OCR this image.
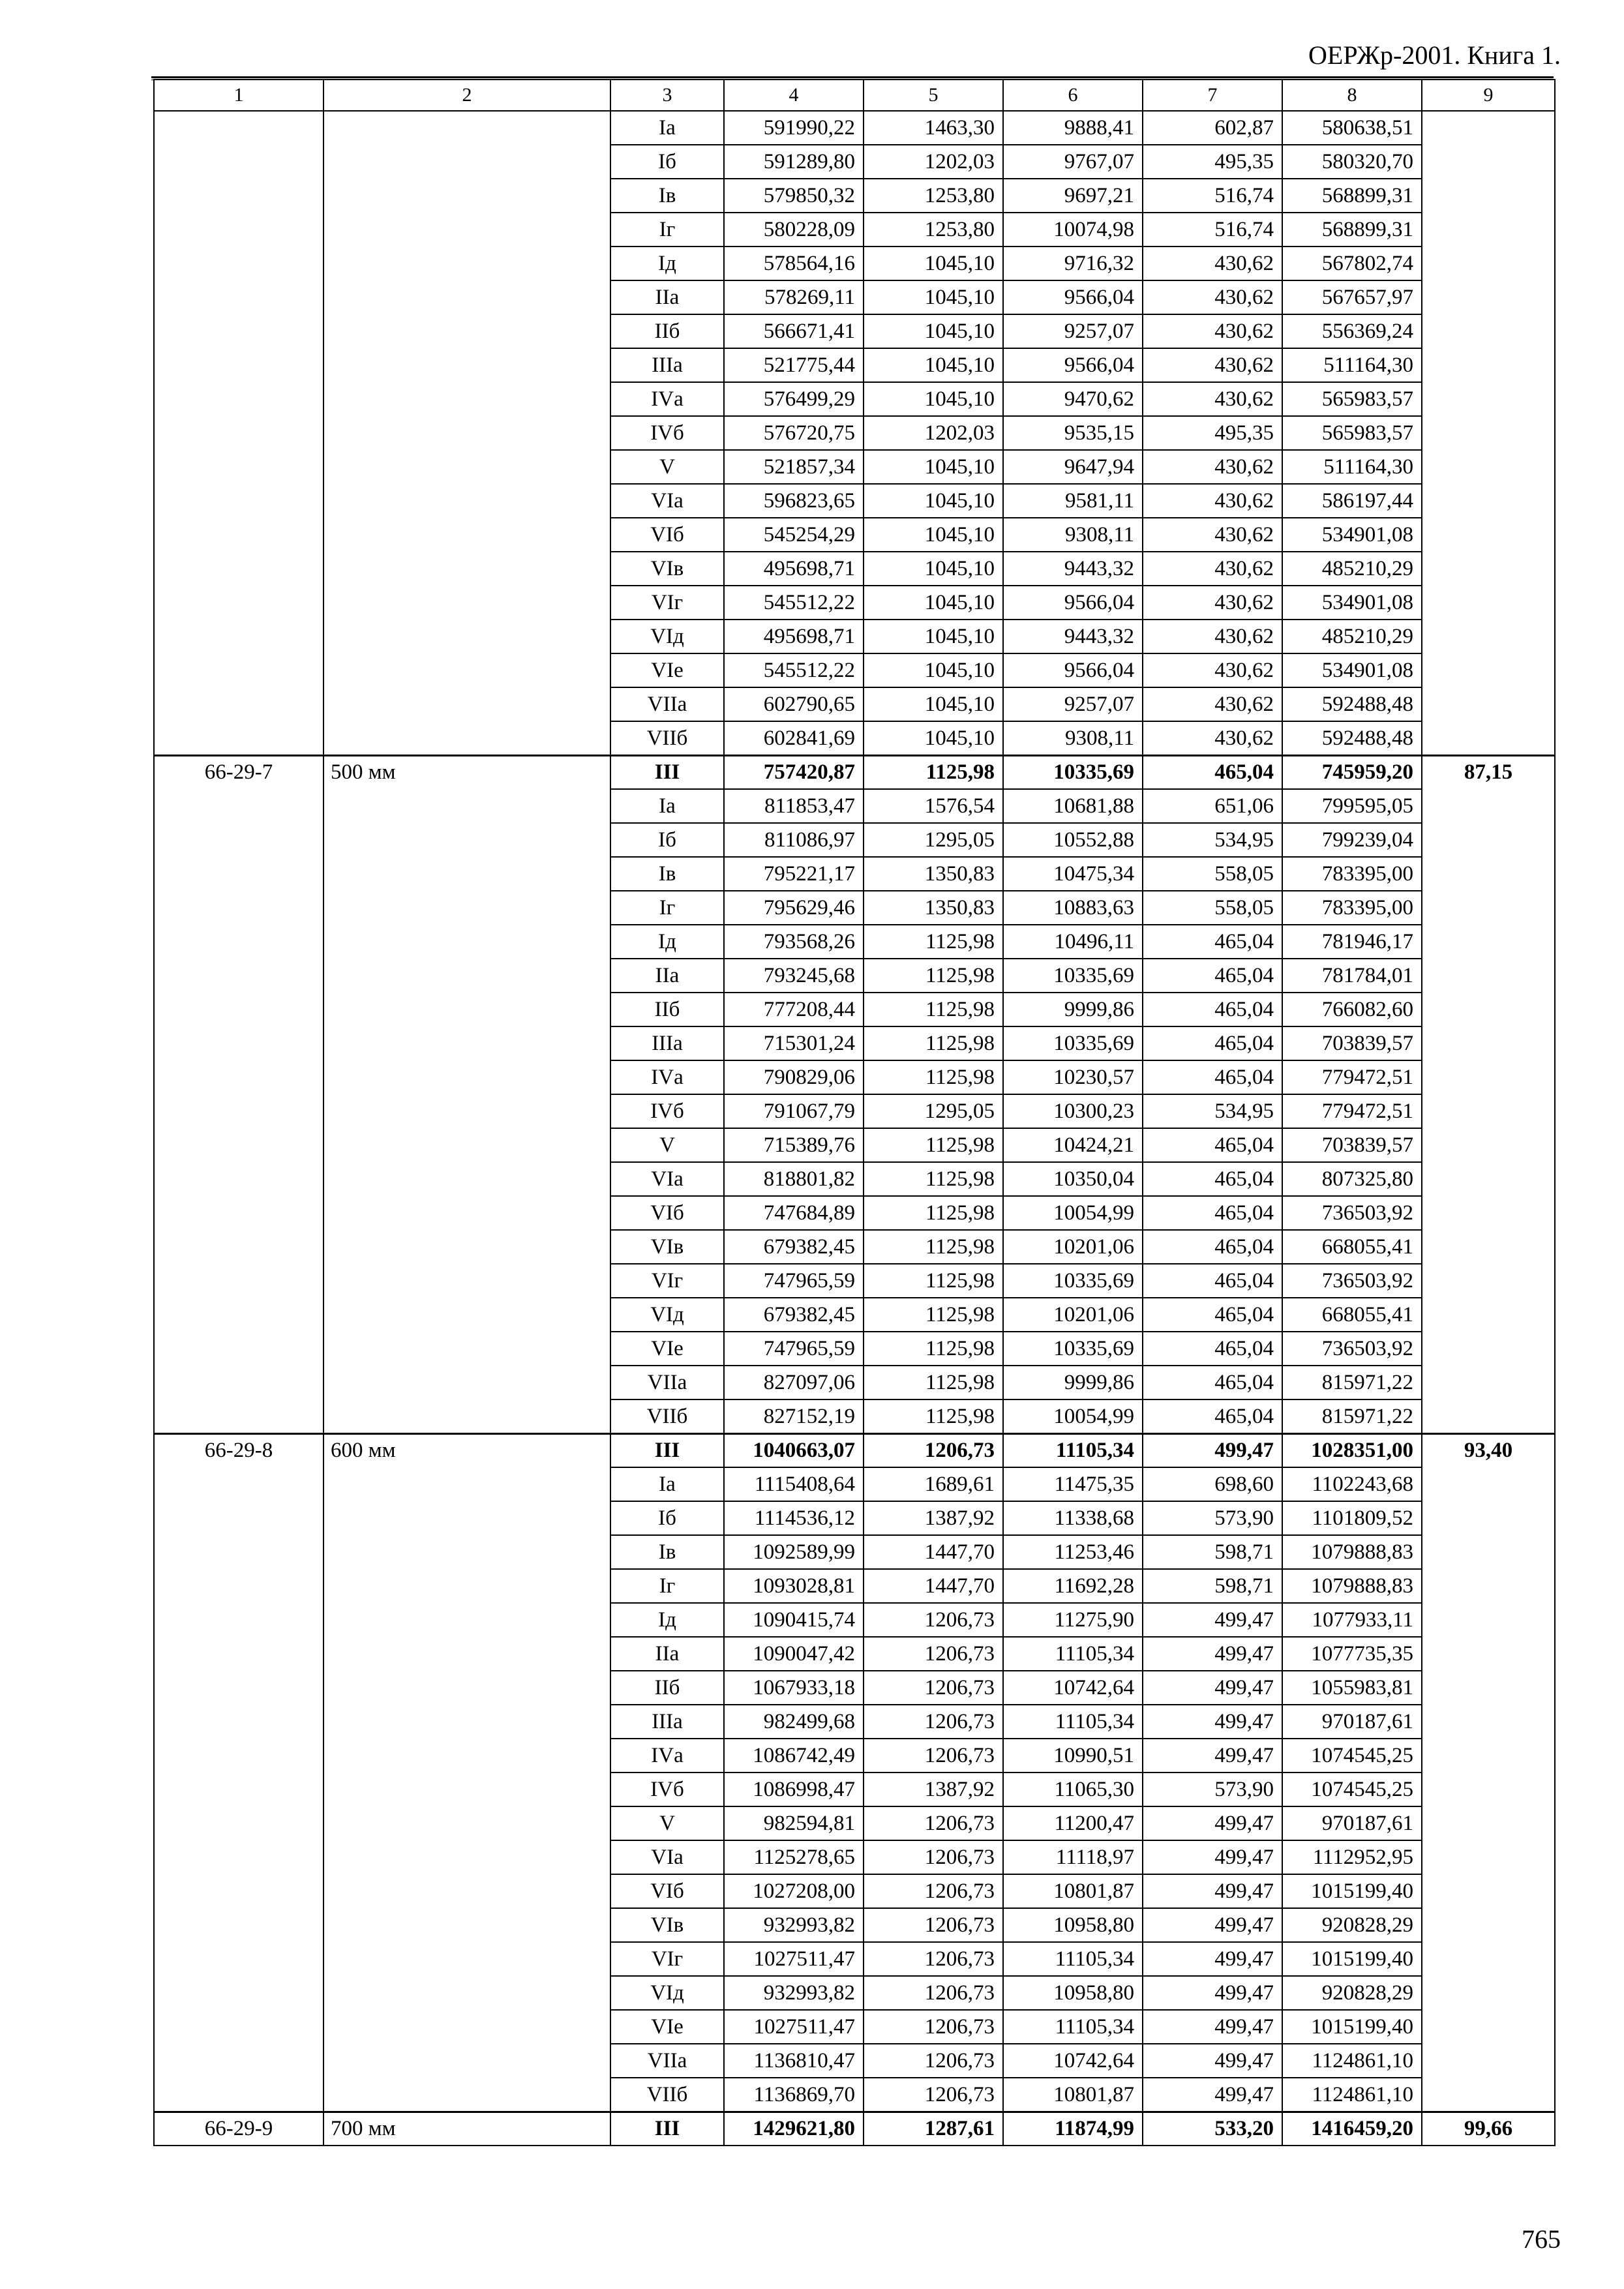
ОЕРЖр-2001. Книга 1.
1	2	3	4	5	6	7	8	9
		Iа	591990,22	1463,30	9888,41	602,87	580638,51	
		Iб	591289,80	1202,03	9767,07	495,35	580320,70	
		Iв	579850,32	1253,80	9697,21	516,74	568899,31	
		Iг	580228,09	1253,80	10074,98	516,74	568899,31	
		Iд	578564,16	1045,10	9716,32	430,62	567802,74	
		IIа	578269,11	1045,10	9566,04	430,62	567657,97	
		IIб	566671,41	1045,10	9257,07	430,62	556369,24	
		IIIа	521775,44	1045,10	9566,04	430,62	511164,30	
		IVа	576499,29	1045,10	9470,62	430,62	565983,57	
		IVб	576720,75	1202,03	9535,15	495,35	565983,57	
		V	521857,34	1045,10	9647,94	430,62	511164,30	
		VIа	596823,65	1045,10	9581,11	430,62	586197,44	
		VIб	545254,29	1045,10	9308,11	430,62	534901,08	
		VIв	495698,71	1045,10	9443,32	430,62	485210,29	
		VIг	545512,22	1045,10	9566,04	430,62	534901,08	
		VIд	495698,71	1045,10	9443,32	430,62	485210,29	
		VIе	545512,22	1045,10	9566,04	430,62	534901,08	
		VIIа	602790,65	1045,10	9257,07	430,62	592488,48	
		VIIб	602841,69	1045,10	9308,11	430,62	592488,48	
66-29-7	500 мм	III	757420,87	1125,98	10335,69	465,04	745959,20	87,15
		Iа	811853,47	1576,54	10681,88	651,06	799595,05	
		Iб	811086,97	1295,05	10552,88	534,95	799239,04	
		Iв	795221,17	1350,83	10475,34	558,05	783395,00	
		Iг	795629,46	1350,83	10883,63	558,05	783395,00	
		Iд	793568,26	1125,98	10496,11	465,04	781946,17	
		IIа	793245,68	1125,98	10335,69	465,04	781784,01	
		IIб	777208,44	1125,98	9999,86	465,04	766082,60	
		IIIа	715301,24	1125,98	10335,69	465,04	703839,57	
		IVа	790829,06	1125,98	10230,57	465,04	779472,51	
		IVб	791067,79	1295,05	10300,23	534,95	779472,51	
		V	715389,76	1125,98	10424,21	465,04	703839,57	
		VIа	818801,82	1125,98	10350,04	465,04	807325,80	
		VIб	747684,89	1125,98	10054,99	465,04	736503,92	
		VIв	679382,45	1125,98	10201,06	465,04	668055,41	
		VIг	747965,59	1125,98	10335,69	465,04	736503,92	
		VIд	679382,45	1125,98	10201,06	465,04	668055,41	
		VIе	747965,59	1125,98	10335,69	465,04	736503,92	
		VIIа	827097,06	1125,98	9999,86	465,04	815971,22	
		VIIб	827152,19	1125,98	10054,99	465,04	815971,22	
66-29-8	600 мм	III	1040663,07	1206,73	11105,34	499,47	1028351,00	93,40
		Iа	1115408,64	1689,61	11475,35	698,60	1102243,68	
		Iб	1114536,12	1387,92	11338,68	573,90	1101809,52	
		Iв	1092589,99	1447,70	11253,46	598,71	1079888,83	
		Iг	1093028,81	1447,70	11692,28	598,71	1079888,83	
		Iд	1090415,74	1206,73	11275,90	499,47	1077933,11	
		IIа	1090047,42	1206,73	11105,34	499,47	1077735,35	
		IIб	1067933,18	1206,73	10742,64	499,47	1055983,81	
		IIIа	982499,68	1206,73	11105,34	499,47	970187,61	
		IVа	1086742,49	1206,73	10990,51	499,47	1074545,25	
		IVб	1086998,47	1387,92	11065,30	573,90	1074545,25	
		V	982594,81	1206,73	11200,47	499,47	970187,61	
		VIа	1125278,65	1206,73	11118,97	499,47	1112952,95	
		VIб	1027208,00	1206,73	10801,87	499,47	1015199,40	
		VIв	932993,82	1206,73	10958,80	499,47	920828,29	
		VIг	1027511,47	1206,73	11105,34	499,47	1015199,40	
		VIд	932993,82	1206,73	10958,80	499,47	920828,29	
		VIе	1027511,47	1206,73	11105,34	499,47	1015199,40	
		VIIа	1136810,47	1206,73	10742,64	499,47	1124861,10	
		VIIб	1136869,70	1206,73	10801,87	499,47	1124861,10	
66-29-9	700 мм	III	1429621,80	1287,61	11874,99	533,20	1416459,20	99,66
765
